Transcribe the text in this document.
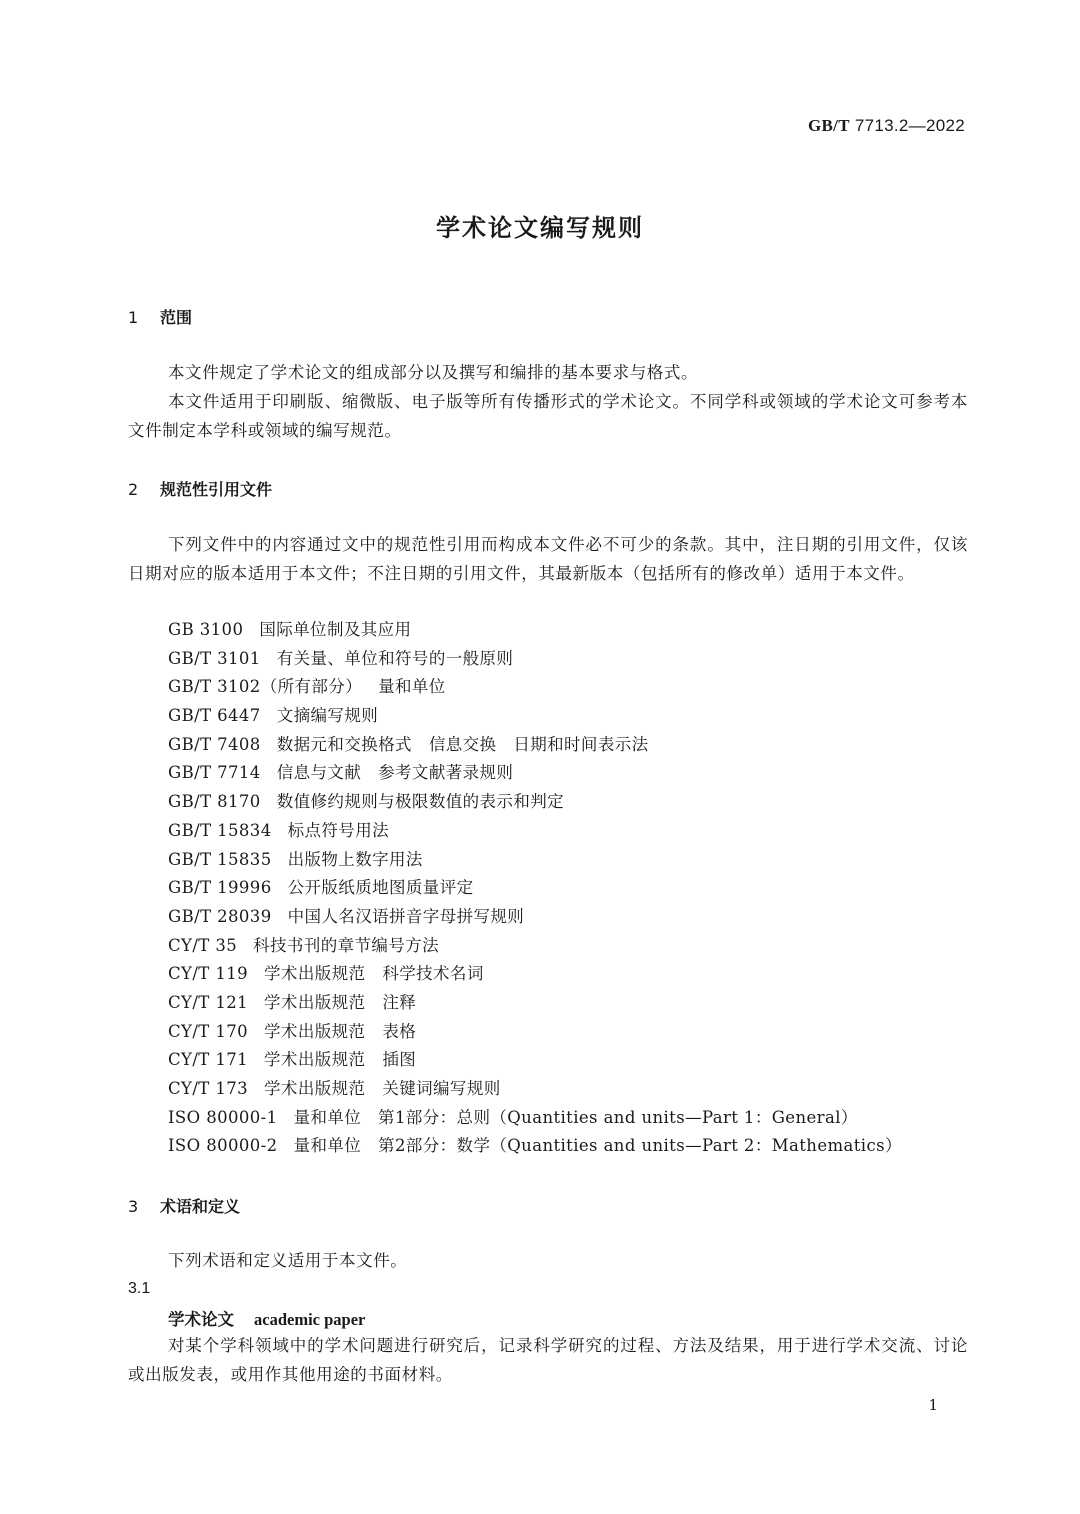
GB/T 7713.2—2022
学术论文编写规则
1 范围
本文件规定了学术论文的组成部分以及撰写和编排的基本要求与格式。
本文件适用于印刷版、缩微版、电子版等所有传播形式的学术论文。不同学科或领域的学术论文可参考本文件制定本学科或领域的编写规范。
2 规范性引用文件
下列文件中的内容通过文中的规范性引用而构成本文件必不可少的条款。其中，注日期的引用文件，仅该日期对应的版本适用于本文件；不注日期的引用文件，其最新版本（包括所有的修改单）适用于本文件。
GB 3100 国际单位制及其应用
GB/T 3101 有关量、单位和符号的一般原则
GB/T 3102（所有部分） 量和单位
GB/T 6447 文摘编写规则
GB/T 7408 数据元和交换格式　信息交换　日期和时间表示法
GB/T 7714 信息与文献　参考文献著录规则
GB/T 8170 数值修约规则与极限数值的表示和判定
GB/T 15834 标点符号用法
GB/T 15835 出版物上数字用法
GB/T 19996 公开版纸质地图质量评定
GB/T 28039 中国人名汉语拼音字母拼写规则
CY/T 35 科技书刊的章节编号方法
CY/T 119 学术出版规范　科学技术名词
CY/T 121 学术出版规范　注释
CY/T 170 学术出版规范　表格
CY/T 171 学术出版规范　插图
CY/T 173 学术出版规范　关键词编写规则
ISO 80000-1 量和单位　第1部分：总则（Quantities and units—Part 1：General）
ISO 80000-2 量和单位　第2部分：数学（Quantities and units—Part 2：Mathematics）
3 术语和定义
下列术语和定义适用于本文件。
3.1
学术论文 academic paper
对某个学科领域中的学术问题进行研究后，记录科学研究的过程、方法及结果，用于进行学术交流、讨论或出版发表，或用作其他用途的书面材料。
1
